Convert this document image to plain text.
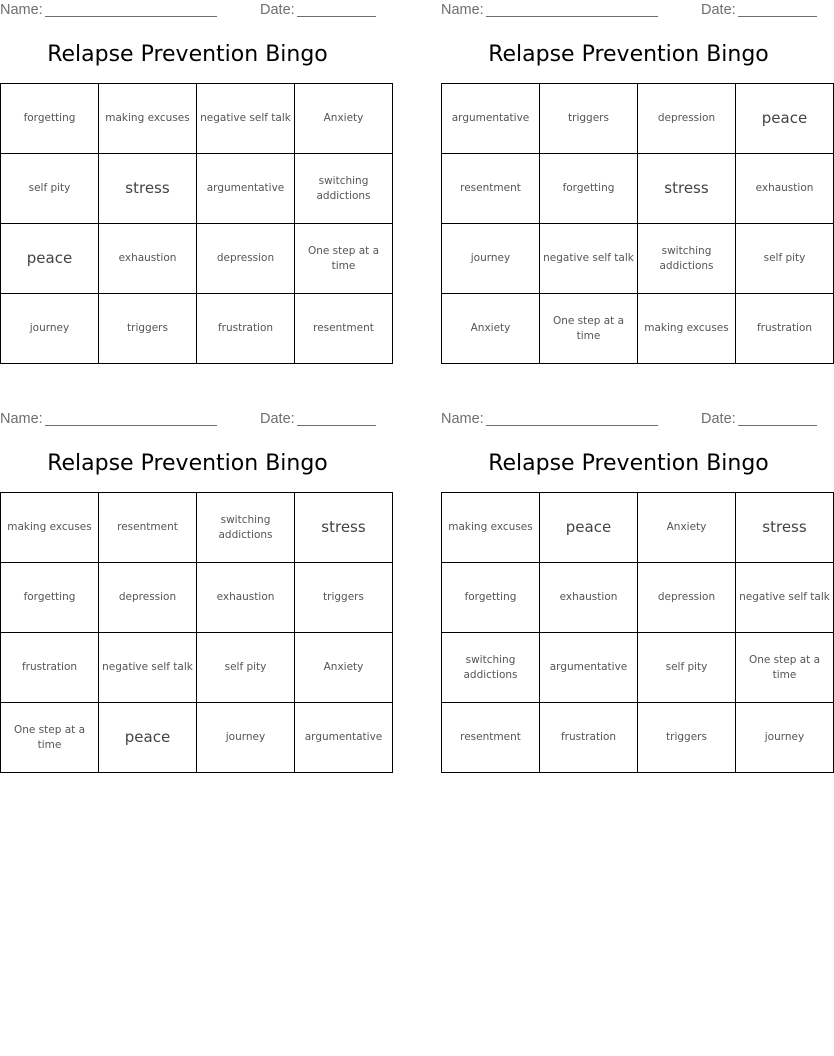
Name:	Date:
Relapse Prevention Bingo
forgetting	making excuses	negative self talk	Anxiety
self pity	stress	argumentative	switching addictions
peace	exhaustion	depression	One step at a time
journey	triggers	frustration	resentment
Name:	Date:
Relapse Prevention Bingo
argumentative	triggers	depression	peace
resentment	forgetting	stress	exhaustion
journey	negative self talk	switching addictions	self pity
Anxiety	One step at a time	making excuses	frustration
Name:	Date:
Relapse Prevention Bingo
making excuses	resentment	switching addictions	stress
forgetting	depression	exhaustion	triggers
frustration	negative self talk	self pity	Anxiety
One step at a time	peace	journey	argumentative
Name:	Date:
Relapse Prevention Bingo
making excuses	peace	Anxiety	stress
forgetting	exhaustion	depression	negative self talk
switching addictions	argumentative	self pity	One step at a time
resentment	frustration	triggers	journey
